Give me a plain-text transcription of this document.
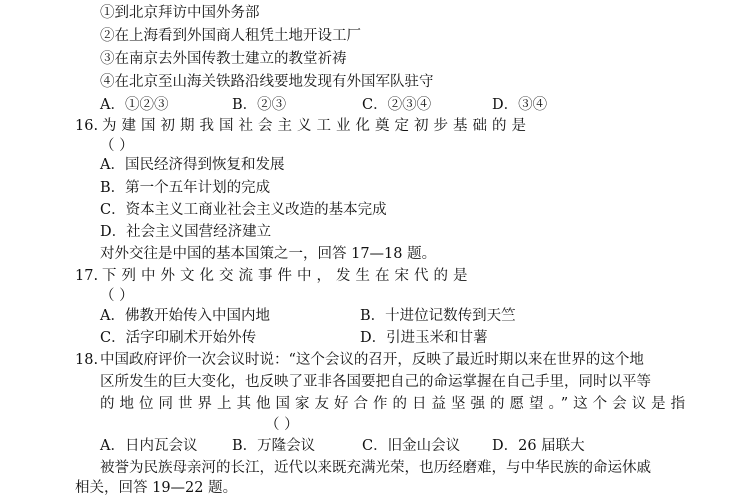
①到北京拜访中国外务部
②在上海看到外国商人租凭土地开设工厂
③在南京去外国传教士建立的教堂祈祷
④在北京至山海关铁路沿线要地发现有外国军队驻守
A．①②③	B．②③	C．②③④	D．③④
16. 为建国初期我国社会主义工业化奠定初步基础的是
（ ）
A．国民经济得到恢复和发展
B．第一个五年计划的完成
C．资本主义工商业社会主义改造的基本完成
D．社会主义国营经济建立
对外交往是中国的基本国策之一，回答 17—18 题。
17. 下列中外文化交流事件中，发生在宋代的是
（ ）
A．佛教开始传入中国内地	B．十进位记数传到天竺
C．活字印刷术开始外传	D．引进玉米和甘薯
18. 中国政府评价一次会议时说：“这个会议的召开，反映了最近时期以来在世界的这个地
区所发生的巨大变化，也反映了亚非各国要把自己的命运掌握在自己手里，同时以平等
的地位同世界上其他国家友好合作的日益坚强的愿望。”这个会议是指
（ ）
A．日内瓦会议 B．万隆会议	C．旧金山会议 D．26 届联大
被誉为民族母亲河的长江，近代以来既充满光荣，也历经磨难，与中华民族的命运休戚
相关，回答 19—22 题。
